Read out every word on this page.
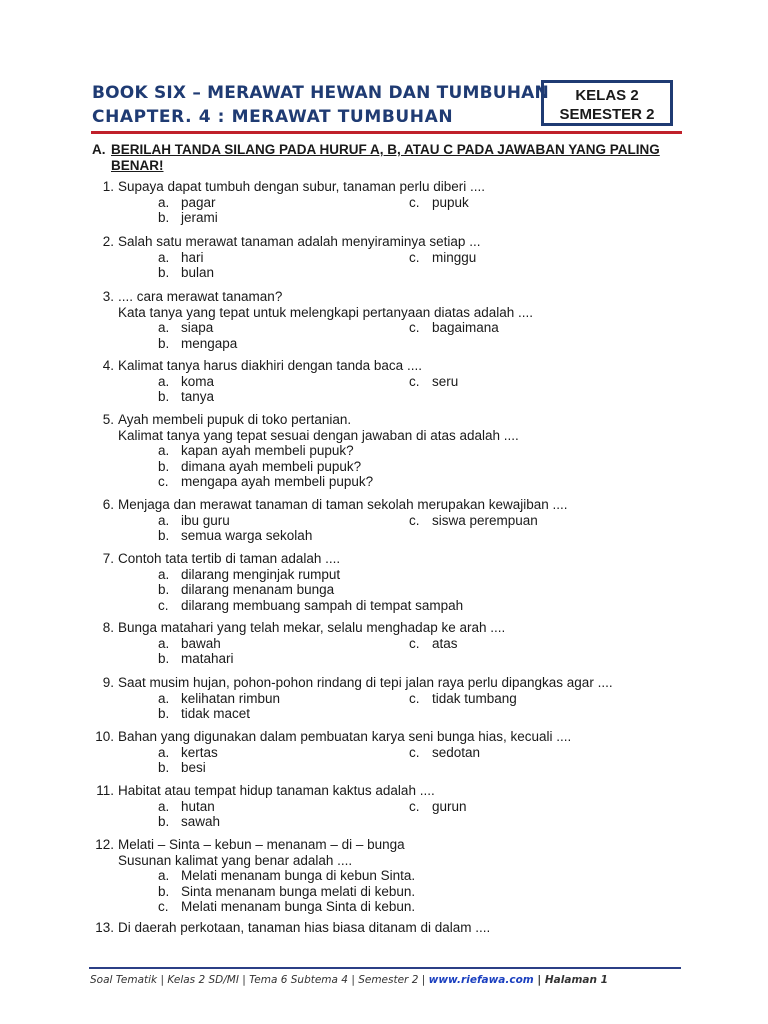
BOOK SIX – MERAWAT HEWAN DAN TUMBUHAN
CHAPTER. 4 : MERAWAT TUMBUHAN
KELAS 2
SEMESTER 2
A. BERILAH TANDA SILANG PADA HURUF A, B, ATAU C PADA JAWABAN YANG PALING BENAR!
1. Supaya dapat tumbuh dengan subur, tanaman perlu diberi ....
a. pagar	c. pupuk
b. jerami
2. Salah satu merawat tanaman adalah menyiraminya setiap ...
a. hari	c. minggu
b. bulan
3. .... cara merawat tanaman?
Kata tanya yang tepat untuk melengkapi pertanyaan diatas adalah ....
a. siapa	c. bagaimana
b. mengapa
4. Kalimat tanya harus diakhiri dengan tanda baca ....
a. koma	c. seru
b. tanya
5. Ayah membeli pupuk di toko pertanian.
Kalimat tanya yang tepat sesuai dengan jawaban di atas adalah ....
a. kapan ayah membeli pupuk?
b. dimana ayah membeli pupuk?
c. mengapa ayah membeli pupuk?
6. Menjaga dan merawat tanaman di taman sekolah merupakan kewajiban ....
a. ibu guru	c. siswa perempuan
b. semua warga sekolah
7. Contoh tata tertib di taman adalah ....
a. dilarang menginjak rumput
b. dilarang menanam bunga
c. dilarang membuang sampah di tempat sampah
8. Bunga matahari yang telah mekar, selalu menghadap ke arah ....
a. bawah	c. atas
b. matahari
9. Saat musim hujan, pohon-pohon rindang di tepi jalan raya perlu dipangkas agar ....
a. kelihatan rimbun	c. tidak tumbang
b. tidak macet
10. Bahan yang digunakan dalam pembuatan karya seni bunga hias, kecuali ....
a. kertas	c. sedotan
b. besi
11. Habitat atau tempat hidup tanaman kaktus adalah ....
a. hutan	c. gurun
b. sawah
12. Melati – Sinta – kebun – menanam – di – bunga
Susunan kalimat yang benar adalah ....
a. Melati menanam bunga di kebun Sinta.
b. Sinta menanam bunga melati di kebun.
c. Melati menanam bunga Sinta di kebun.
13. Di daerah perkotaan, tanaman hias biasa ditanam di dalam ....
Soal Tematik | Kelas 2 SD/MI | Tema 6 Subtema 4 | Semester 2 | www.riefawa.com | Halaman 1
